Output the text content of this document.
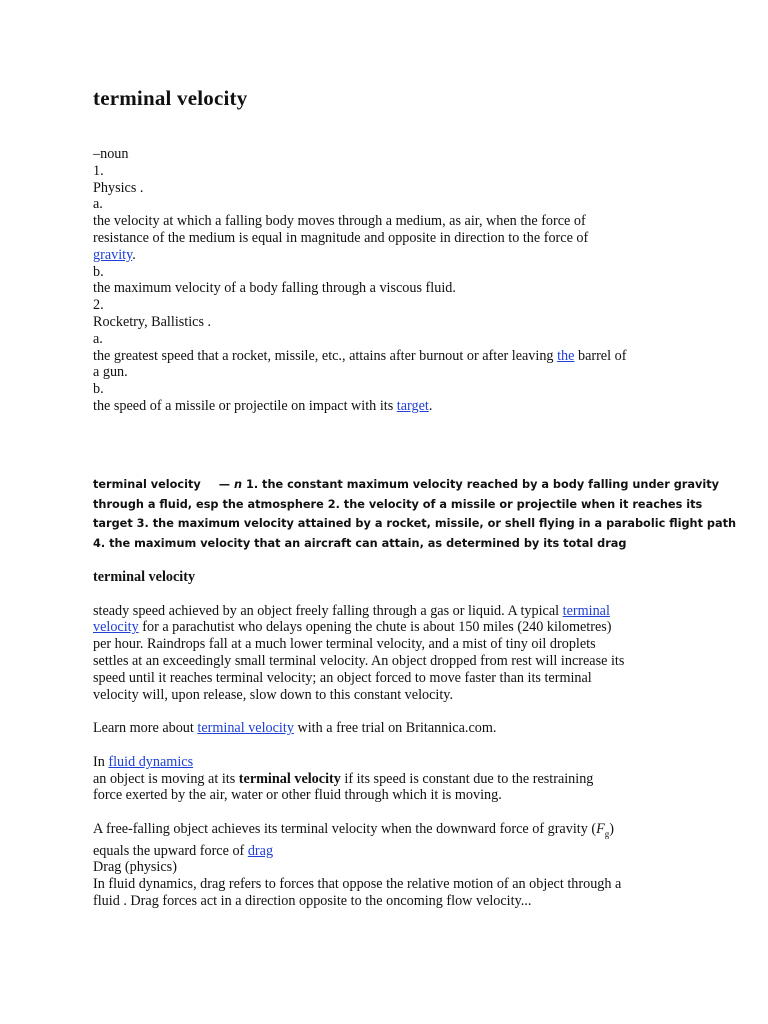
terminal velocity
–noun
1.
Physics .
a.
the velocity at which a falling body moves through a medium, as air, when the force of
resistance of the medium is equal in magnitude and opposite in direction to the force of
gravity.
b.
the maximum velocity of a body falling through a viscous fluid.
2.
Rocketry, Ballistics .
a.
the greatest speed that a rocket, missile, etc., attains after burnout or after leaving the barrel of
a gun.
b.
the speed of a missile or projectile on impact with its target.
terminal velocity — n 1. the constant maximum velocity reached by a body falling under gravity
through a fluid, esp the atmosphere 2. the velocity of a missile or projectile when it reaches its
target 3. the maximum velocity attained by a rocket, missile, or shell flying in a parabolic flight path
4. the maximum velocity that an aircraft can attain, as determined by its total drag
terminal velocity
steady speed achieved by an object freely falling through a gas or liquid. A typical terminal
velocity for a parachutist who delays opening the chute is about 150 miles (240 kilometres)
per hour. Raindrops fall at a much lower terminal velocity, and a mist of tiny oil droplets
settles at an exceedingly small terminal velocity. An object dropped from rest will increase its
speed until it reaches terminal velocity; an object forced to move faster than its terminal
velocity will, upon release, slow down to this constant velocity.
Learn more about terminal velocity with a free trial on Britannica.com.
In fluid dynamics
an object is moving at its terminal velocity if its speed is constant due to the restraining
force exerted by the air, water or other fluid through which it is moving.
A free-falling object achieves its terminal velocity when the downward force of gravity $(F_g)$
equals the upward force of drag
Drag (physics)
In fluid dynamics, drag refers to forces that oppose the relative motion of an object through a
fluid . Drag forces act in a direction opposite to the oncoming flow velocity...
